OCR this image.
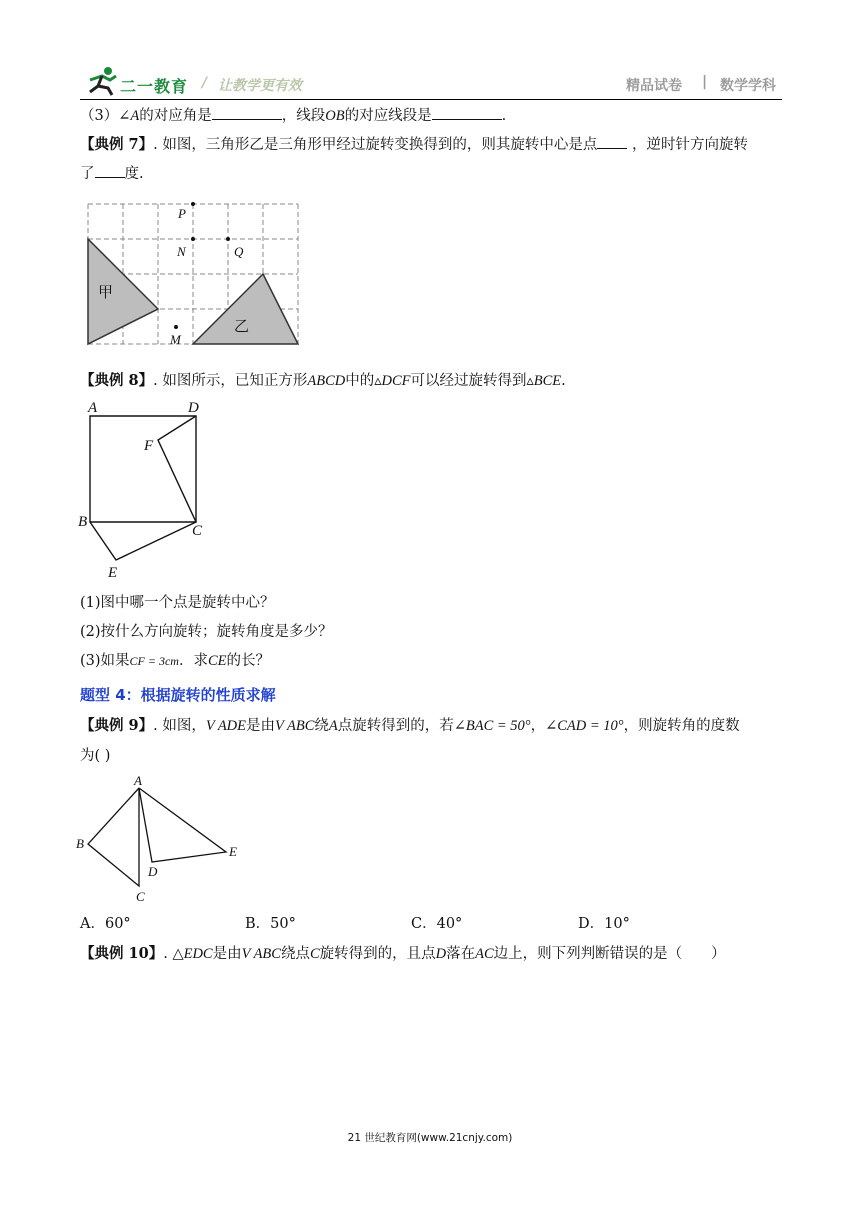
二一教育 / 让教学更有效	精品试卷 | 数学学科
（3）∠A的对应角是	，线段OB的对应线段是	.
【典例 7】. 如图，三角形乙是三角形甲经过旋转变换得到的，则其旋转中心是点 ，逆时针方向旋转
了 度.
P
N	Q
M
甲
乙
【典例 8】. 如图所示，已知正方形ABCD中的▵DCF可以经过旋转得到▵BCE.
A	D
F
B
C
E
(1)图中哪一个点是旋转中心？
(2)按什么方向旋转；旋转角度是多少？
(3)如果CF = 3cm．求CE的长？
题型 4：根据旋转的性质求解
【典例 9】. 如图，V ADE是由V ABC绕A点旋转得到的，若∠BAC = 50°，∠CAD = 10°，则旋转角的度数
为( )
A
B
C
D
E
A．60°	B．50°	C．40°	D．10°
【典例 10】. △EDC是由V ABC绕点C旋转得到的，且点D落在AC边上，则下列判断错误的是（　　）
21 世纪教育网(www.21cnjy.com)
